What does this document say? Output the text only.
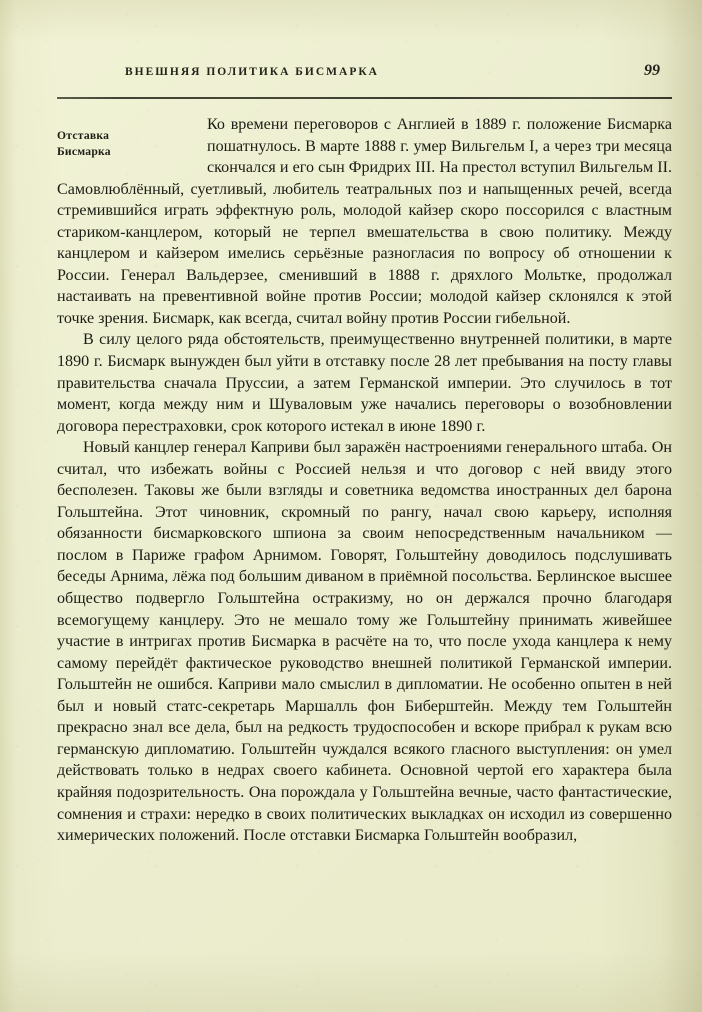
ВНЕШНЯЯ ПОЛИТИКА БИСМАРКА	99

Отставка
Бисмарка
Ко времени переговоров с Англией в 1889 г. положение Бисмарка пошатнулось. В марте 1888 г. умер Вильгельм I, а через три месяца скончался и его сын Фридрих III. На престол вступил Вильгельм II. Самовлюблённый, суетливый, любитель театральных поз и напыщенных речей, всегда стремившийся играть эффектную роль, молодой кайзер скоро поссорился с властным стариком-канцлером, который не терпел вмешательства в свою политику. Между канцлером и кайзером имелись серьёзные разногласия по вопросу об отношении к России. Генерал Вальдерзее, сменивший в 1888 г. дряхлого Мольтке, продолжал настаивать на превентивной войне против России; молодой кайзер склонялся к этой точке зрения. Бисмарк, как всегда, считал войну против России гибельной.

В силу целого ряда обстоятельств, преимущественно внутренней политики, в марте 1890 г. Бисмарк вынужден был уйти в отставку после 28 лет пребывания на посту главы правительства сначала Пруссии, а затем Германской империи. Это случилось в тот момент, когда между ним и Шуваловым уже начались переговоры о возобновлении договора перестраховки, срок которого истекал в июне 1890 г.

Новый канцлер генерал Каприви был заражён настроениями генерального штаба. Он считал, что избежать войны с Россией нельзя и что договор с ней ввиду этого бесполезен. Таковы же были взгляды и советника ведомства иностранных дел барона Гольштейна. Этот чиновник, скромный по рангу, начал свою карьеру, исполняя обязанности бисмарковского шпиона за своим непосредственным начальником — послом в Париже графом Арнимом. Говорят, Гольштейну доводилось подслушивать беседы Арнима, лёжа под большим диваном в приёмной посольства. Берлинское высшее общество подвергло Гольштейна остракизму, но он держался прочно благодаря всемогущему канцлеру. Это не мешало тому же Гольштейну принимать живейшее участие в интригах против Бисмарка в расчёте на то, что после ухода канцлера к нему самому перейдёт фактическое руководство внешней политикой Германской империи. Гольштейн не ошибся. Каприви мало смыслил в дипломатии. Не особенно опытен в ней был и новый статс-секретарь Маршалль фон Биберштейн. Между тем Гольштейн прекрасно знал все дела, был на редкость трудоспособен и вскоре прибрал к рукам всю германскую дипломатию. Гольштейн чуждался всякого гласного выступления: он умел действовать только в недрах своего кабинета. Основной чертой его характера была крайняя подозрительность. Она порождала у Гольштейна вечные, часто фантастические, сомнения и страхи: нередко в своих политических выкладках он исходил из совершенно химерических положений. После отставки Бисмарка Гольштейн вообразил,
